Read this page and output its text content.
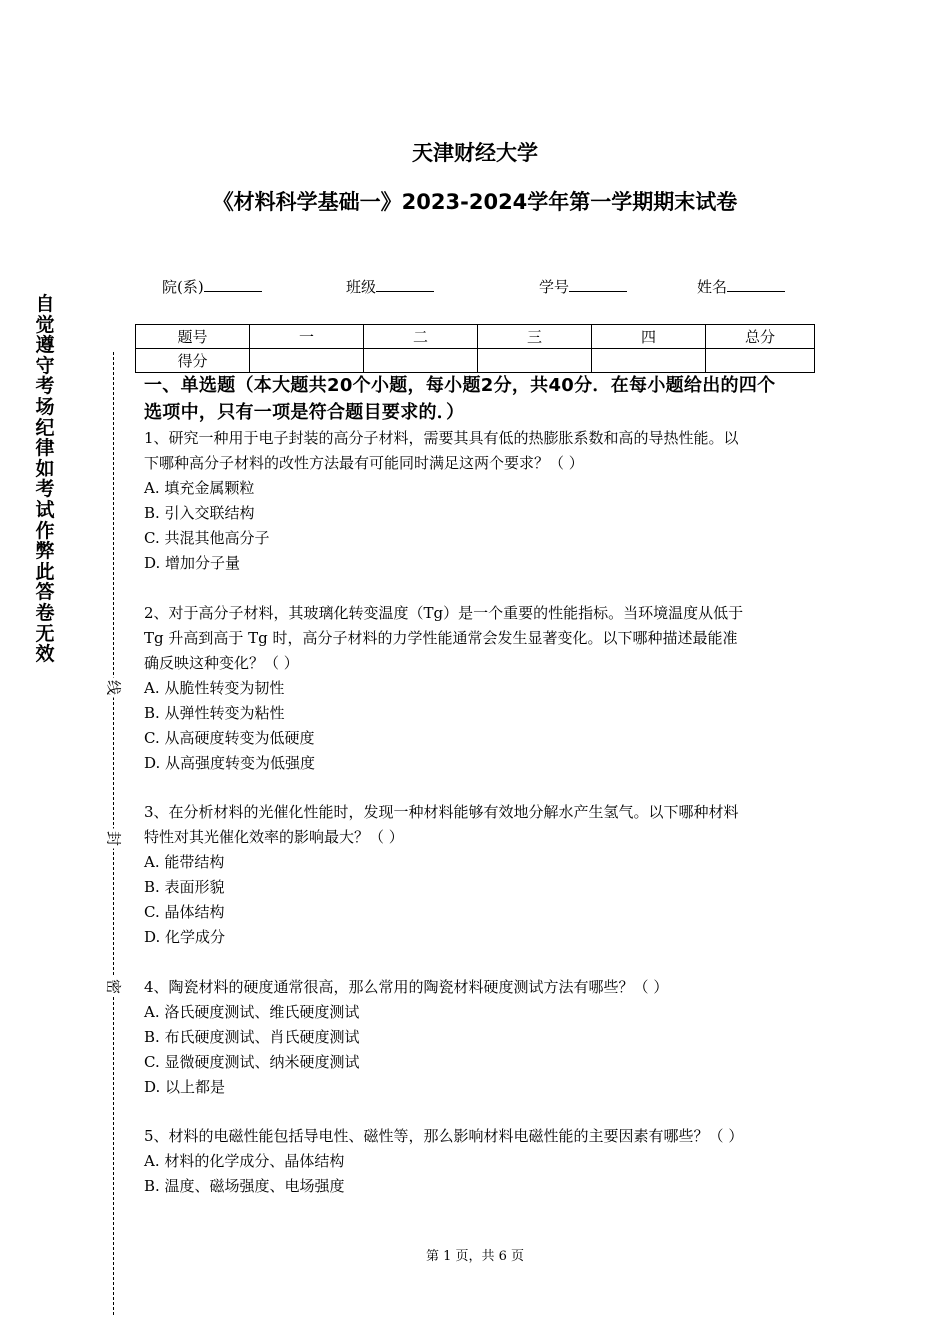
天津财经大学
《材料科学基础一》2023-2024学年第一学期期末试卷
院(系)	班级	学号	姓名
题号	一	二	三	四	总分
得分					
自
觉
遵
守
考
场
纪
律
如
考
试
作
弊
此
答
卷
无
效
线
封
密
一、单选题（本大题共20个小题，每小题2分，共40分．在每小题给出的四个
选项中，只有一项是符合题目要求的．）
1、研究一种用于电子封装的高分子材料，需要其具有低的热膨胀系数和高的导热性能。以
下哪种高分子材料的改性方法最有可能同时满足这两个要求？（ ）
A. 填充金属颗粒
B. 引入交联结构
C. 共混其他高分子
D. 增加分子量
2、对于高分子材料，其玻璃化转变温度（Tg）是一个重要的性能指标。当环境温度从低于
Tg 升高到高于 Tg 时，高分子材料的力学性能通常会发生显著变化。以下哪种描述最能准
确反映这种变化？（ ）
A. 从脆性转变为韧性
B. 从弹性转变为粘性
C. 从高硬度转变为低硬度
D. 从高强度转变为低强度
3、在分析材料的光催化性能时，发现一种材料能够有效地分解水产生氢气。以下哪种材料
特性对其光催化效率的影响最大？（ ）
A. 能带结构
B. 表面形貌
C. 晶体结构
D. 化学成分
4、陶瓷材料的硬度通常很高，那么常用的陶瓷材料硬度测试方法有哪些？（ ）
A. 洛氏硬度测试、维氏硬度测试
B. 布氏硬度测试、肖氏硬度测试
C. 显微硬度测试、纳米硬度测试
D. 以上都是
5、材料的电磁性能包括导电性、磁性等，那么影响材料电磁性能的主要因素有哪些？（ ）
A. 材料的化学成分、晶体结构
B. 温度、磁场强度、电场强度
第 1 页，共 6 页
